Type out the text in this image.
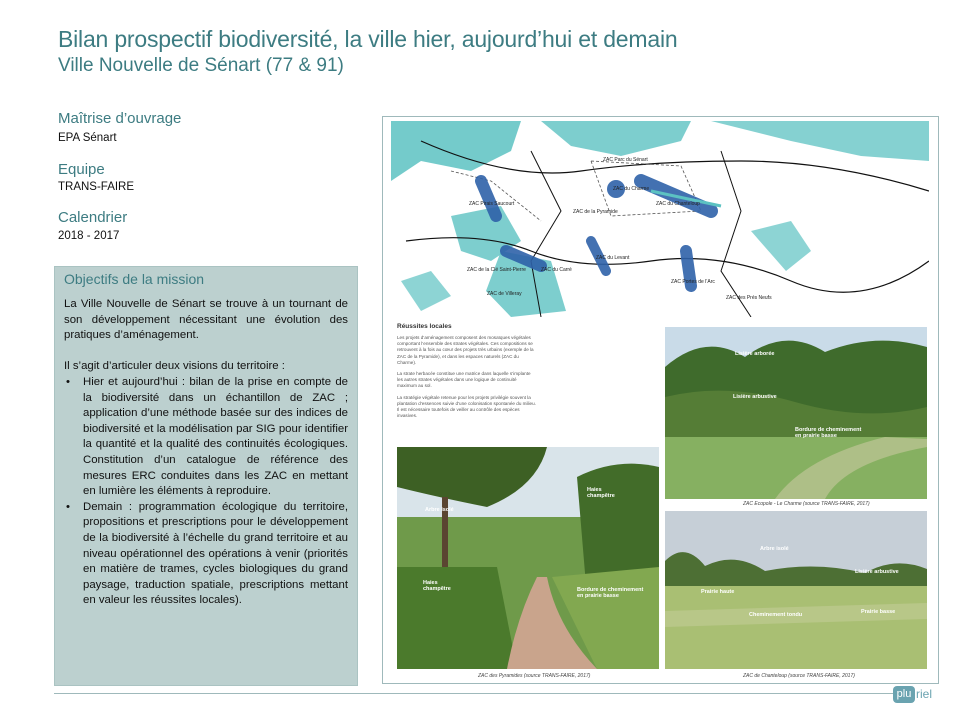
Bilan prospectif biodiversité, la ville hier, aujourd’hui et demain
Ville Nouvelle de Sénart (77 & 91)
Maîtrise d’ouvrage
EPA Sénart
Equipe
TRANS-FAIRE
Calendrier
2018 - 2017
Objectifs de la mission

La Ville Nouvelle de Sénart se trouve à un tournant de son développement nécessitant une évolution des pratiques d’aménagement.

Il s’agit d’articuler deux visions du territoire :
• Hier et aujourd’hui : bilan de la prise en compte de la biodiversité dans un échantillon de ZAC ; application d’une méthode basée sur des indices de biodiversité et la modélisation par SIG pour identifier la quantité et la qualité des continuités écologiques. Constitution d’un catalogue de référence des mesures ERC conduites dans les ZAC en mettant en lumière les éléments à reproduire.
• Demain : programmation écologique du territoire, propositions et prescriptions pour le développement de la biodiversité à l’échelle du grand territoire et au niveau opérationnel des opérations à venir (priorités en matière de trames, cycles biologiques du grand paysage, traduction spatiale, prescriptions mettant en valeur les réussites locales).
ZAC Parc du Sénart
ZAC du Charme
ZAC de la Pyramide
ZAC du Chanteloup
ZAC Pirais Saucourt
ZAC de la Clé Saint-Pierre	ZAC du Carré
ZAC du Levant
ZAC de Villeray
ZAC Portes de l’Arc
ZAC des Prés Neufs
Réussites locales

Les projets d’aménagement composent des mosaïques végétales comportant l’ensemble des strates végétales. Ces compositions se retrouvent à la fois au cœur des projets très urbains (exemple de la ZAC de la Pyramide), et dans les espaces naturels (ZAC du Charme).

La strate herbacée constitue une matrice dans laquelle s’implante les autres strates végétales dans une logique de continuité maximum au sol.

La stratégie végétale retenue pour les projets privilégie souvent la plantation d’essences suivie d’une colonisation spontanée du milieu. Il est nécessaire toutefois de veiller au contrôle des espèces invasives.

Lisière arborée
Lisière arbustive
Bordure de cheminement en prairie basse
ZAC Ecopole - Le Charme (source TRANS-FAIRE, 2017)
Arbre isolé
Haies champêtre
Haies champêtre	Bordure de cheminement en prairie basse
ZAC des Pyramides (source TRANS-FAIRE, 2017)
Arbre isolé
Lisière arbustive
Prairie haute
Cheminement tondu	Prairie basse
ZAC de Chanteloup (source TRANS-FAIRE, 2017)
plu riel
